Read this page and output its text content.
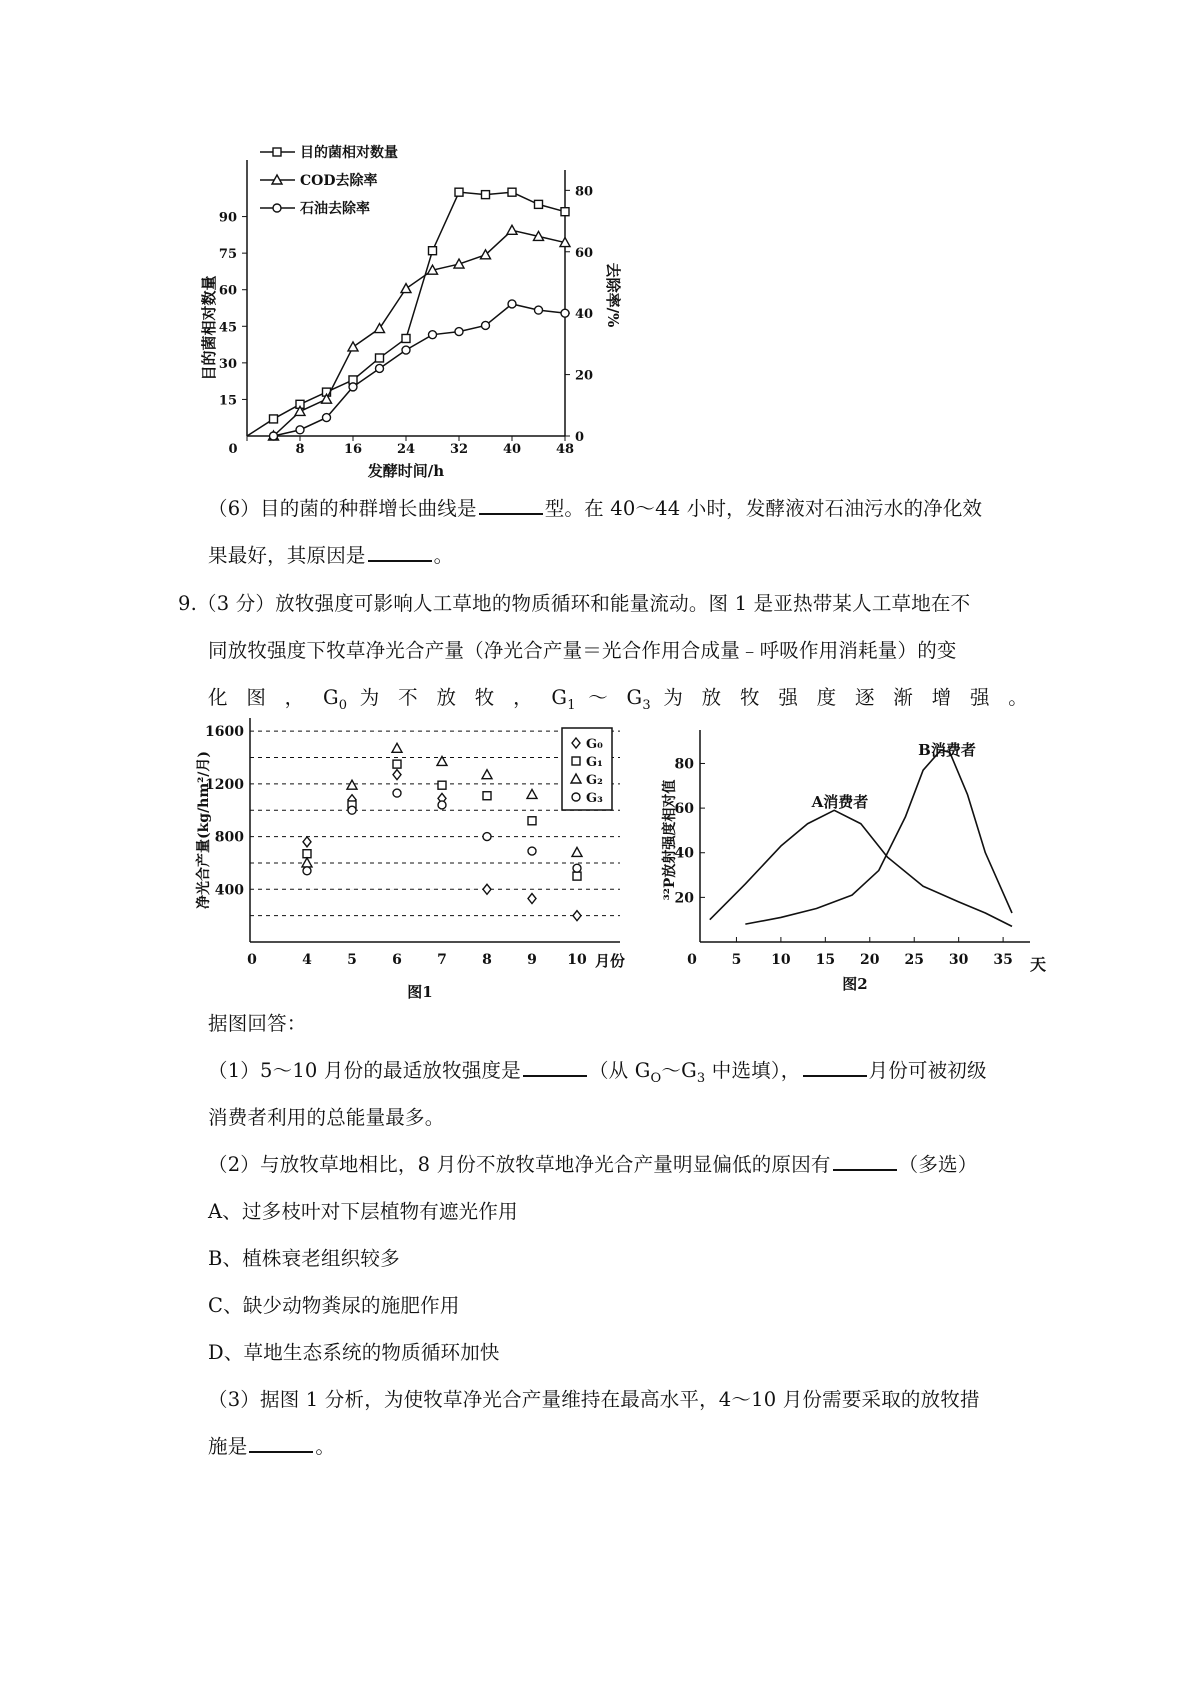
0	8	16	24	32	40	48
15
30
45
60
75
90
0
20
40
60
80
发酵时间/h
目的菌相对数量	去除率/%
目的菌相对数量
COD去除率
石油去除率
（6）目的菌的种群增长曲线是	型。在 40～44 小时，发酵液对石油污水的净化效
果最好，其原因是	。
9.（3 分）放牧强度可影响人工草地的物质循环和能量流动。图 1 是亚热带某人工草地在不
同放牧强度下牧草净光合产量（净光合产量＝光合作用合成量﹣呼吸作用消耗量）的变
化 图 ， $G_0$ 为 不 放 牧 ， $G_1$ ～ $G_3$ 为 放 牧 强 度 逐 渐 增 强 。
400
800
1200
1600
0	4	5	6	7	8	9 10 月份
图1
净光合产量(kg/hm²/月)
G₀
G₁
G₂
G₃
20
40
60
80
0 5 10 15 20 25 30 35 天
图2
³²P放射强度相对值	A消费者
B消费者
据图回答：
（1）5～10 月份的最适放牧强度是	（从 $G_O\sim G_3$ 中选填），	月份可被初级
消费者利用的总能量最多。
（2）与放牧草地相比，8 月份不放牧草地净光合产量明显偏低的原因有	（多选）
A、过多枝叶对下层植物有遮光作用
B、植株衰老组织较多
C、缺少动物粪尿的施肥作用
D、草地生态系统的物质循环加快
（3）据图 1 分析，为使牧草净光合产量维持在最高水平，4～10 月份需要采取的放牧措
施是	。
